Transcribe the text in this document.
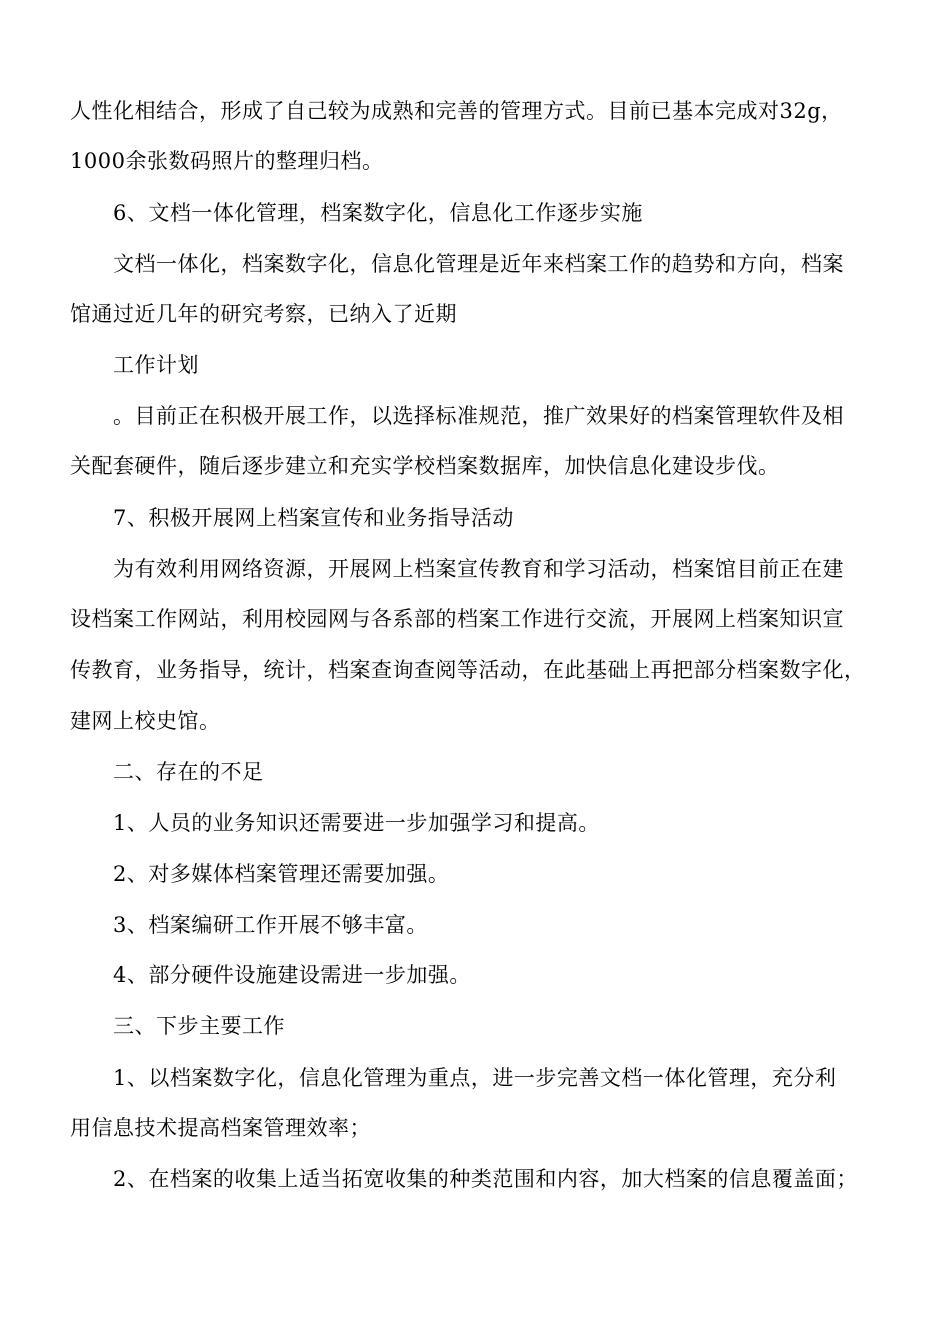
人性化相结合，形成了自己较为成熟和完善的管理方式。目前已基本完成对32g，
1000余张数码照片的整理归档。
6、文档一体化管理，档案数字化，信息化工作逐步实施
文档一体化，档案数字化，信息化管理是近年来档案工作的趋势和方向，档案
馆通过近几年的研究考察，已纳入了近期
工作计划
。目前正在积极开展工作，以选择标准规范，推广效果好的档案管理软件及相
关配套硬件，随后逐步建立和充实学校档案数据库，加快信息化建设步伐。
7、积极开展网上档案宣传和业务指导活动
为有效利用网络资源，开展网上档案宣传教育和学习活动，档案馆目前正在建
设档案工作网站，利用校园网与各系部的档案工作进行交流，开展网上档案知识宣
传教育，业务指导，统计，档案查询查阅等活动，在此基础上再把部分档案数字化，
建网上校史馆。
二、存在的不足
1、人员的业务知识还需要进一步加强学习和提高。
2、对多媒体档案管理还需要加强。
3、档案编研工作开展不够丰富。
4、部分硬件设施建设需进一步加强。
三、下步主要工作
1、以档案数字化，信息化管理为重点，进一步完善文档一体化管理，充分利
用信息技术提高档案管理效率；
2、在档案的收集上适当拓宽收集的种类范围和内容，加大档案的信息覆盖面；
